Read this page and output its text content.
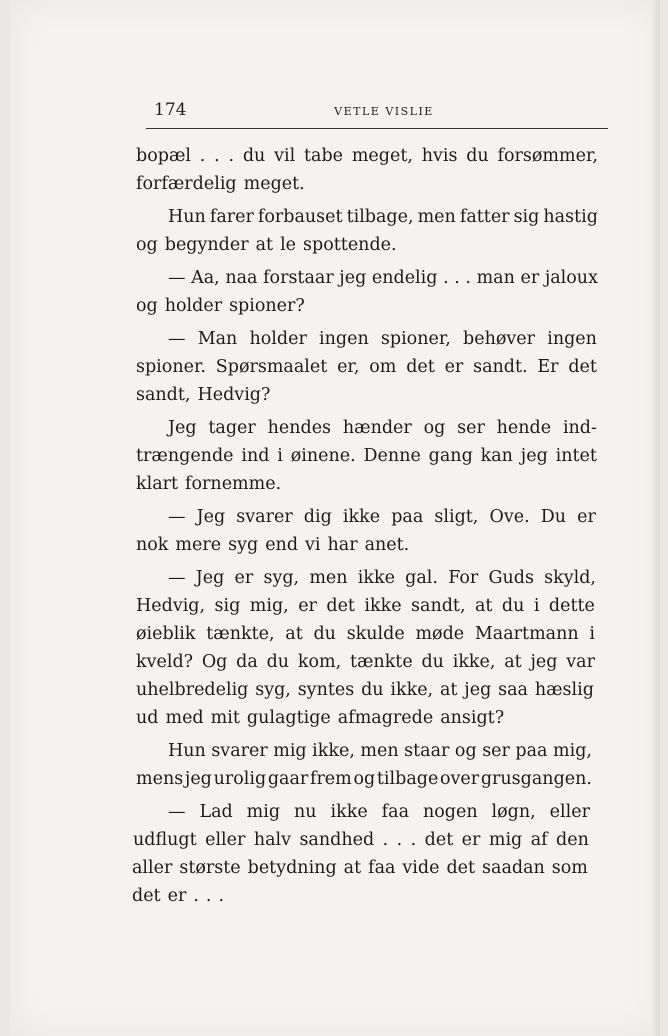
174	VETLE VISLIE
bopæl . . . du vil tabe meget, hvis du forsømmer,
forfærdelig meget.
Hun farer forbauset tilbage, men fatter sig hastig
og begynder at le spottende.
— Aa, naa forstaar jeg endelig . . . man er jaloux
og holder spioner?
— Man holder ingen spioner, behøver ingen
spioner. Spørsmaalet er, om det er sandt. Er det
sandt, Hedvig?
Jeg tager hendes hænder og ser hende ind-
trængende ind i øinene. Denne gang kan jeg intet
klart fornemme.
— Jeg svarer dig ikke paa sligt, Ove. Du er
nok mere syg end vi har anet.
— Jeg er syg, men ikke gal. For Guds skyld,
Hedvig, sig mig, er det ikke sandt, at du i dette
øieblik tænkte, at du skulde møde Maartmann i
kveld? Og da du kom, tænkte du ikke, at jeg var
uhelbredelig syg, syntes du ikke, at jeg saa hæslig
ud med mit gulagtige afmagrede ansigt?
Hun svarer mig ikke, men staar og ser paa mig,
mens jeg urolig gaar frem og tilbage over grusgangen.
— Lad mig nu ikke faa nogen løgn, eller
udflugt eller halv sandhed . . . det er mig af den
aller største betydning at faa vide det saadan som
det er . . .
